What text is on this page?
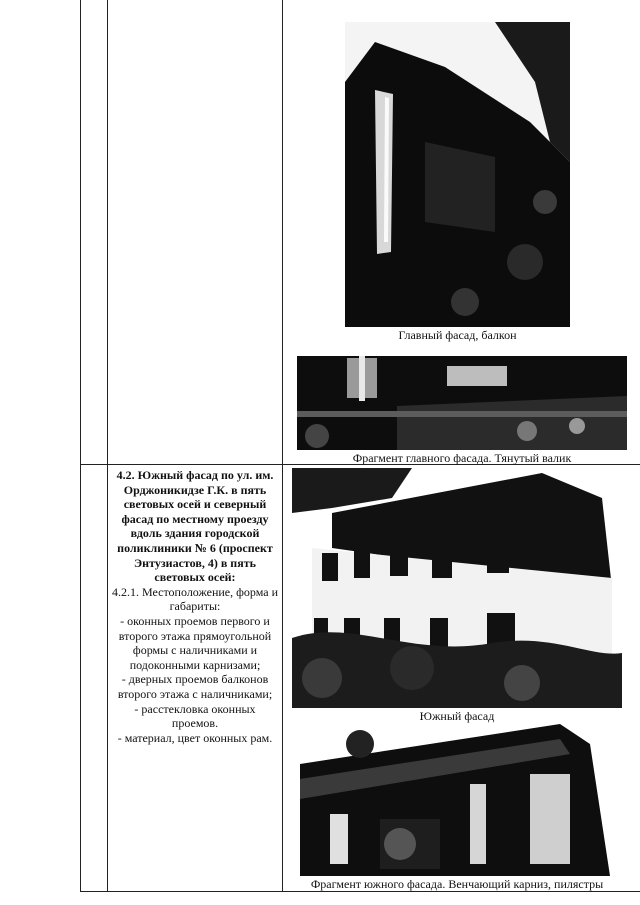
Главный фасад, балкон
Фрагмент главного фасада. Тянутый валик

4.2. Южный фасад по ул. им. Орджоникидзе Г.К. в пять световых осей и северный фасад по местному проезду вдоль здания городской поликлиники № 6 (проспект Энтузиастов, 4) в пять световых осей:

4.2.1. Местоположение, форма и габариты:

- оконных проемов первого и второго этажа прямоугольной формы с наличниками и подоконными карнизами;

- дверных проемов балконов второго этажа с наличниками;

- расстекловка оконных проемов.

- материал, цвет оконных рам.

Южный фасад
Фрагмент южного фасада. Венчающий карниз, пилястры
